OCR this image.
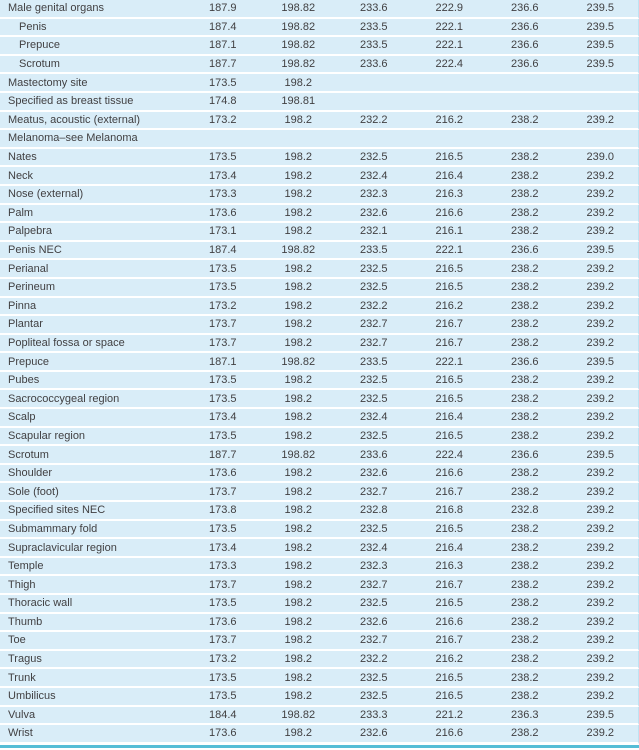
Male genital organs	187.9	198.82	233.6	222.9	236.6	239.5
Penis	187.4	198.82	233.5	222.1	236.6	239.5
Prepuce	187.1	198.82	233.5	222.1	236.6	239.5
Scrotum	187.7	198.82	233.6	222.4	236.6	239.5
Mastectomy site	173.5	198.2
Specified as breast tissue	174.8	198.81
Meatus, acoustic (external)	173.2	198.2	232.2	216.2	238.2	239.2
Melanoma–see Melanoma
Nates	173.5	198.2	232.5	216.5	238.2	239.0
Neck	173.4	198.2	232.4	216.4	238.2	239.2
Nose (external)	173.3	198.2	232.3	216.3	238.2	239.2
Palm	173.6	198.2	232.6	216.6	238.2	239.2
Palpebra	173.1	198.2	232.1	216.1	238.2	239.2
Penis NEC	187.4	198.82	233.5	222.1	236.6	239.5
Perianal	173.5	198.2	232.5	216.5	238.2	239.2
Perineum	173.5	198.2	232.5	216.5	238.2	239.2
Pinna	173.2	198.2	232.2	216.2	238.2	239.2
Plantar	173.7	198.2	232.7	216.7	238.2	239.2
Popliteal fossa or space	173.7	198.2	232.7	216.7	238.2	239.2
Prepuce	187.1	198.82	233.5	222.1	236.6	239.5
Pubes	173.5	198.2	232.5	216.5	238.2	239.2
Sacrococcygeal region	173.5	198.2	232.5	216.5	238.2	239.2
Scalp	173.4	198.2	232.4	216.4	238.2	239.2
Scapular region	173.5	198.2	232.5	216.5	238.2	239.2
Scrotum	187.7	198.82	233.6	222.4	236.6	239.5
Shoulder	173.6	198.2	232.6	216.6	238.2	239.2
Sole (foot)	173.7	198.2	232.7	216.7	238.2	239.2
Specified sites NEC	173.8	198.2	232.8	216.8	232.8	239.2
Submammary fold	173.5	198.2	232.5	216.5	238.2	239.2
Supraclavicular region	173.4	198.2	232.4	216.4	238.2	239.2
Temple	173.3	198.2	232.3	216.3	238.2	239.2
Thigh	173.7	198.2	232.7	216.7	238.2	239.2
Thoracic wall	173.5	198.2	232.5	216.5	238.2	239.2
Thumb	173.6	198.2	232.6	216.6	238.2	239.2
Toe	173.7	198.2	232.7	216.7	238.2	239.2
Tragus	173.2	198.2	232.2	216.2	238.2	239.2
Trunk	173.5	198.2	232.5	216.5	238.2	239.2
Umbilicus	173.5	198.2	232.5	216.5	238.2	239.2
Vulva	184.4	198.82	233.3	221.2	236.3	239.5
Wrist	173.6	198.2	232.6	216.6	238.2	239.2
